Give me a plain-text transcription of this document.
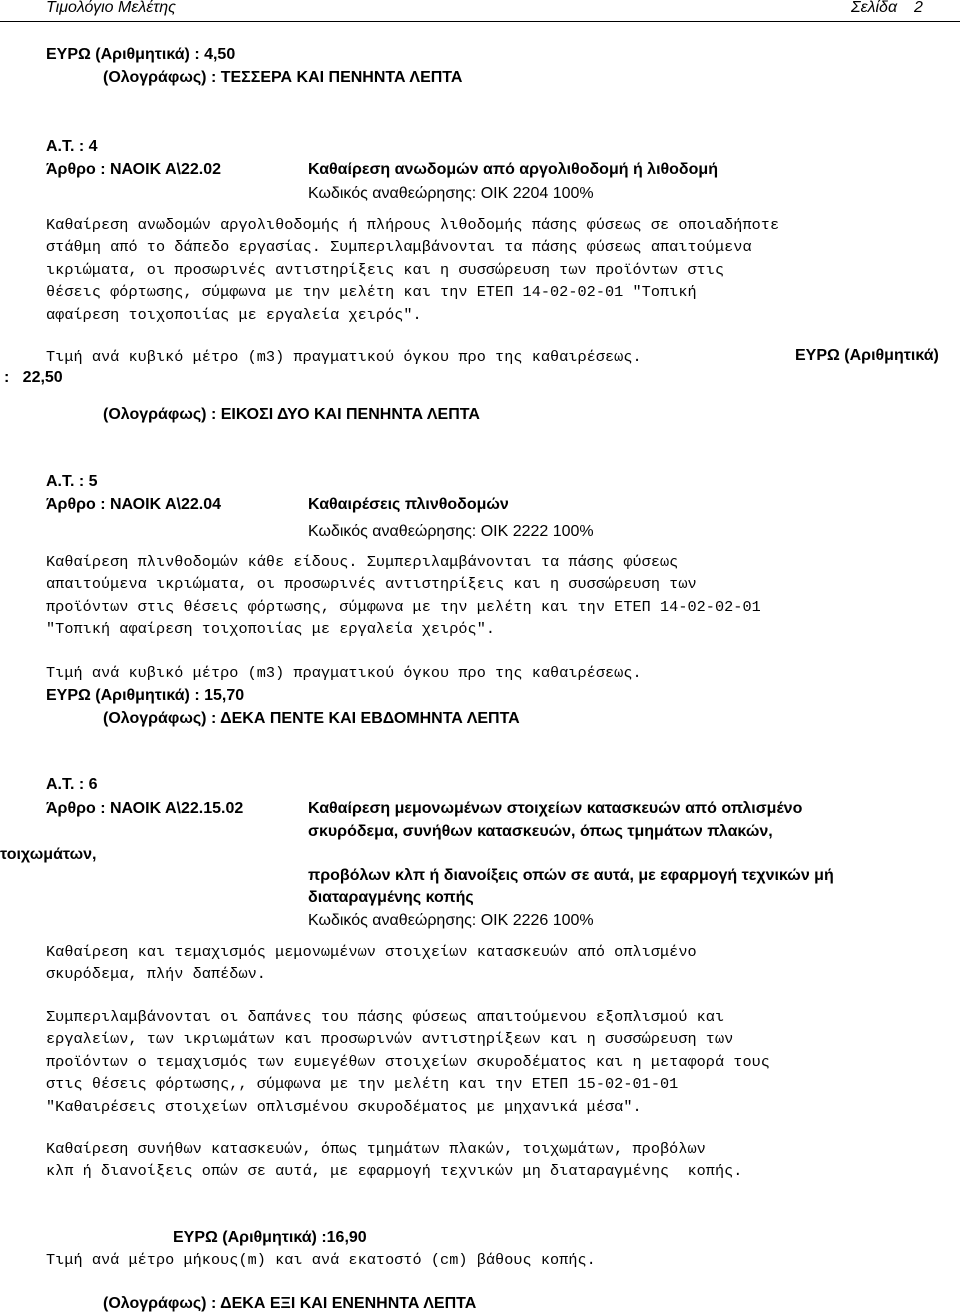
Τιμολόγιο Μελέτης	Σελίδα 2
ΕΥΡΩ (Αριθμητικά) : 4,50
(Ολογράφως) : ΤΕΣΣΕΡΑ ΚΑΙ ΠΕΝΗΝΤΑ ΛΕΠΤΑ
Α.Τ. : 4
Άρθρο : ΝΑΟΙΚ Α\22.02	Καθαίρεση ανωδομών από αργολιθοδομή ή λιθοδομή
Κωδικός αναθεώρησης: ΟΙΚ 2204 100%
Καθαίρεση ανωδομών αργολιθοδομής ή πλήρους λιθοδομής πάσης φύσεως σε οποιαδήποτε
στάθμη από το δάπεδο εργασίας. Συμπεριλαμβάνονται τα πάσης φύσεως απαιτούμενα
ικριώματα, οι προσωρινές αντιστηρίξεις και η συσσώρευση των προϊόντων στις
θέσεις φόρτωσης, σύμφωνα με την μελέτη και την ΕΤΕΠ 14-02-02-01 "Τοπική
αφαίρεση τοιχοποιίας με εργαλεία χειρός".
Τιμή ανά κυβικό μέτρο (m3) πραγματικού όγκου προ της καθαιρέσεως.	ΕΥΡΩ (Αριθμητικά)
:   22,50
(Ολογράφως) : ΕΙΚΟΣΙ ΔΥΟ ΚΑΙ ΠΕΝΗΝΤΑ ΛΕΠΤΑ
Α.Τ. : 5
Άρθρο : ΝΑΟΙΚ Α\22.04	Καθαιρέσεις πλινθοδομών
Κωδικός αναθεώρησης: ΟΙΚ 2222 100%
Καθαίρεση πλινθοδομών κάθε είδους. Συμπεριλαμβάνονται τα πάσης φύσεως
απαιτούμενα ικριώματα, οι προσωρινές αντιστηρίξεις και η συσσώρευση των
προϊόντων στις θέσεις φόρτωσης, σύμφωνα με την μελέτη και την ΕΤΕΠ 14-02-02-01
"Τοπική αφαίρεση τοιχοποιίας με εργαλεία χειρός".
Τιμή ανά κυβικό μέτρο (m3) πραγματικού όγκου προ της καθαιρέσεως.
ΕΥΡΩ (Αριθμητικά) : 15,70
(Ολογράφως) : ΔΕΚΑ ΠΕΝΤΕ ΚΑΙ ΕΒΔΟΜΗΝΤΑ ΛΕΠΤΑ
Α.Τ. : 6
Άρθρο : ΝΑΟΙΚ Α\22.15.02	Καθαίρεση μεμονωμένων στοιχείων κατασκευών από οπλισμένο
σκυρόδεμα, συνήθων κατασκευών, όπως τμημάτων πλακών,
τοιχωμάτων,
προβόλων κλπ ή διανοίξεις οπών σε αυτά, με εφαρμογή τεχνικών μή
διαταραγμένης κοπής
Κωδικός αναθεώρησης: ΟΙΚ 2226 100%
Καθαίρεση και τεμαχισμός μεμονωμένων στοιχείων κατασκευών από οπλισμένο
σκυρόδεμα, πλήν δαπέδων.
Συμπεριλαμβάνονται οι δαπάνες του πάσης φύσεως απαιτούμενου εξοπλισμού και
εργαλείων, των ικριωμάτων και προσωρινών αντιστηρίξεων και η συσσώρευση των
προϊόντων ο τεμαχισμός των ευμεγέθων στοιχείων σκυροδέματος και η μεταφορά τους
στις θέσεις φόρτωσης,, σύμφωνα με την μελέτη και την ΕΤΕΠ 15-02-01-01
"Καθαιρέσεις στοιχείων οπλισμένου σκυροδέματος με μηχανικά μέσα".
Καθαίρεση συνήθων κατασκευών, όπως τμημάτων πλακών, τοιχωμάτων, προβόλων
κλπ ή διανοίξεις οπών σε αυτά, με εφαρμογή τεχνικών μη διαταραγμένης  κοπής.
ΕΥΡΩ (Αριθμητικά) :16,90
Τιμή ανά μέτρο μήκους(m) και ανά εκατοστό (cm) βάθους κοπής.
(Ολογράφως) : ΔΕΚΑ ΕΞΙ ΚΑΙ ΕΝΕΝΗΝΤΑ ΛΕΠΤΑ
